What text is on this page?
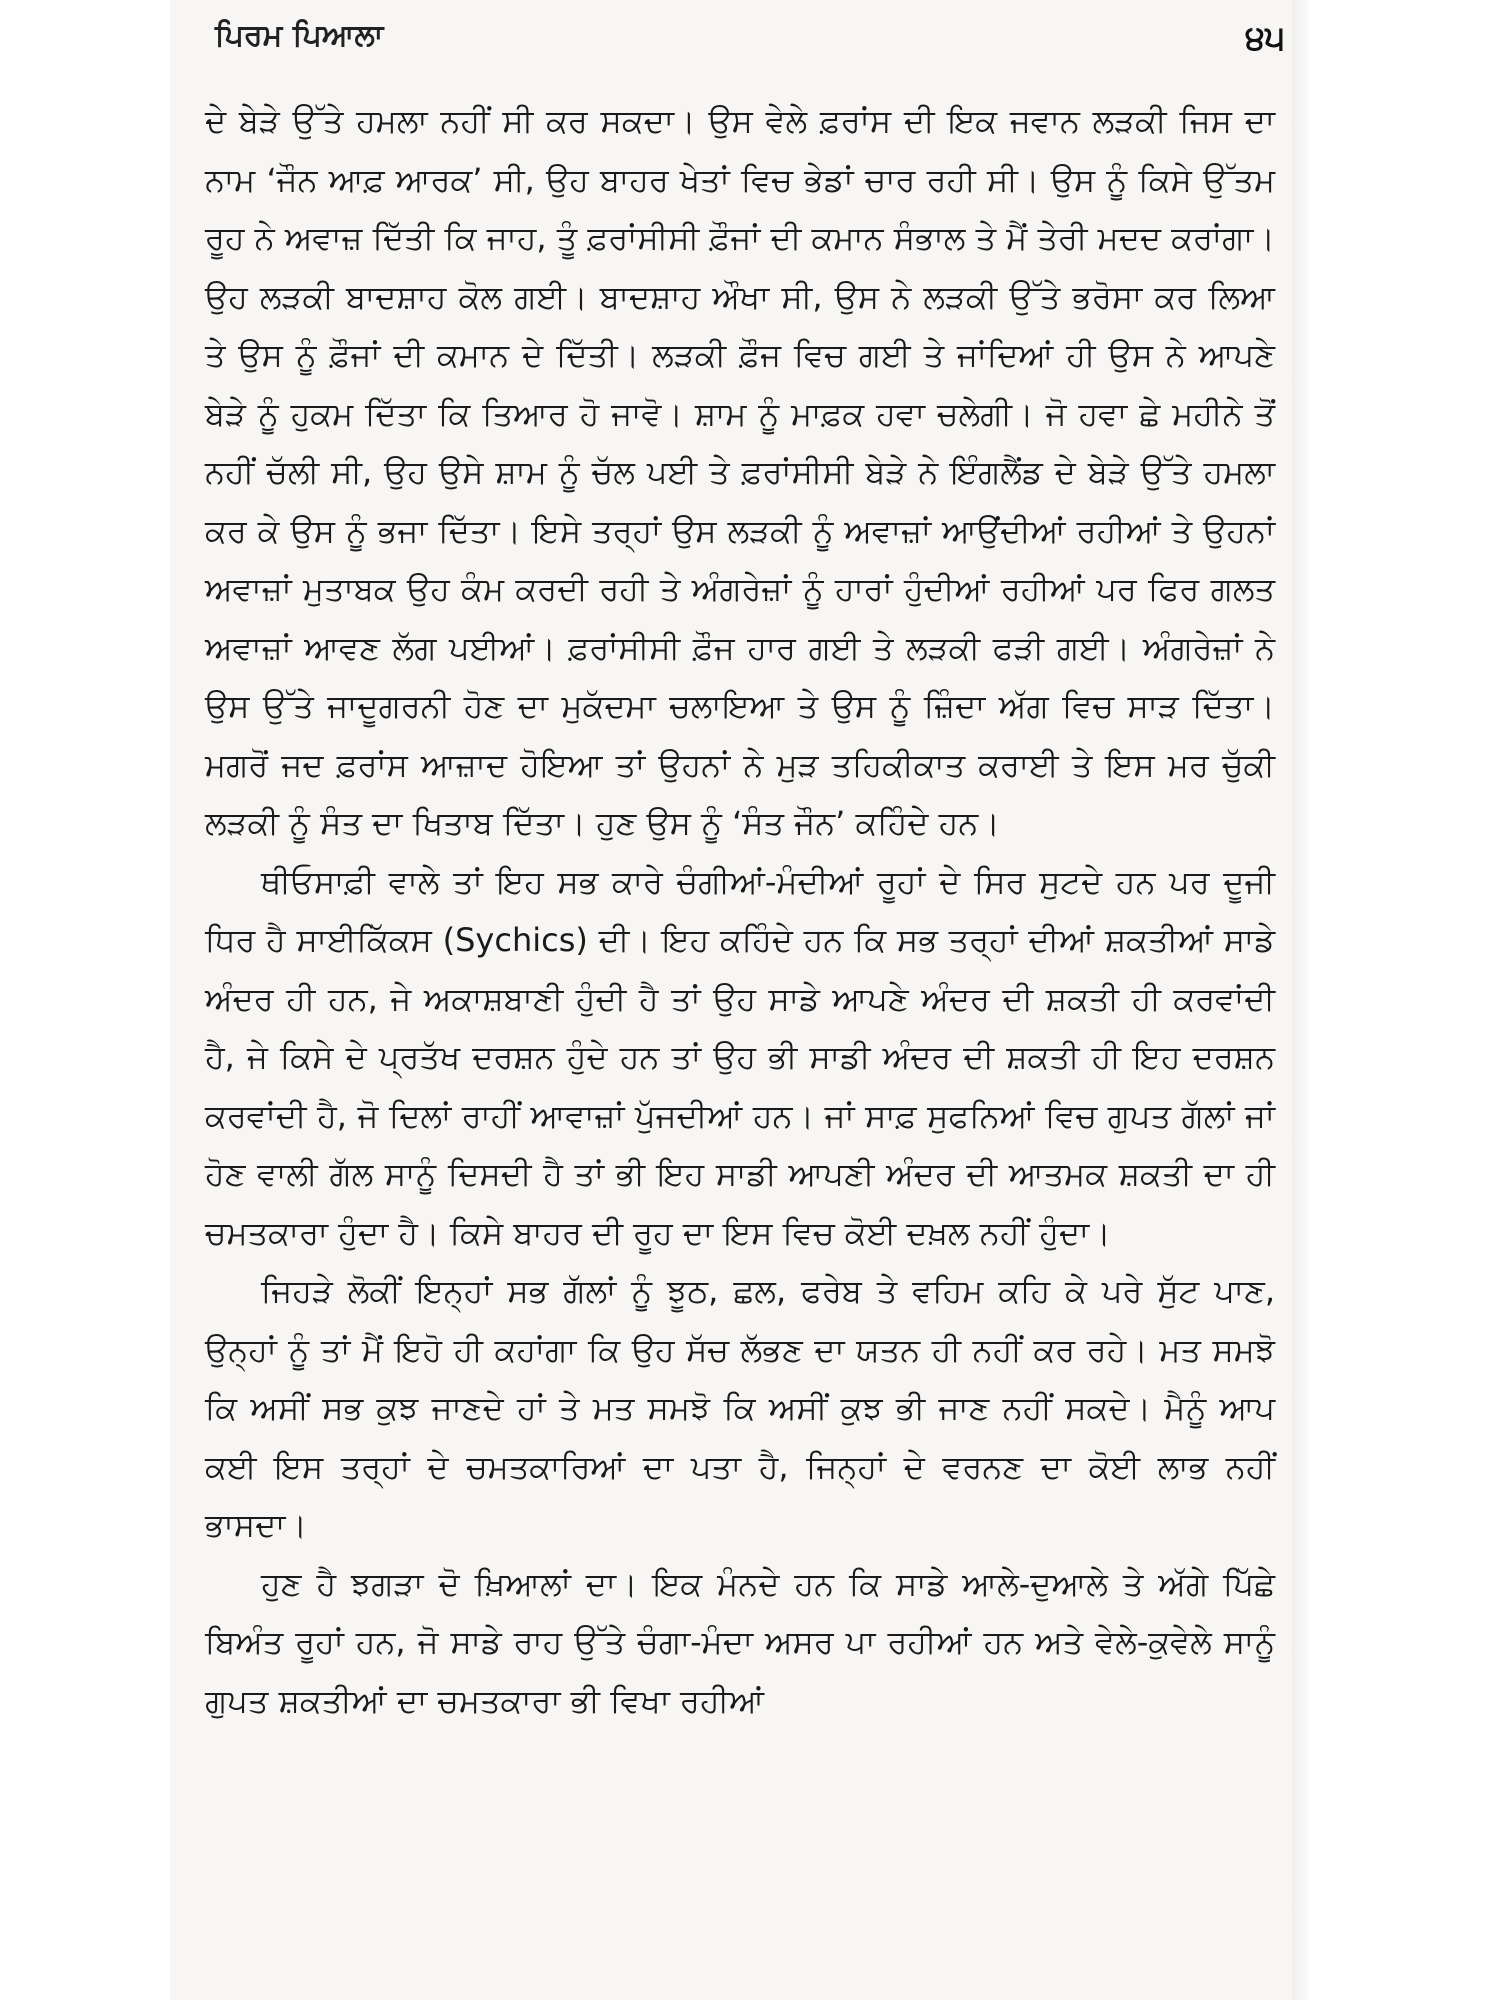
ਪਿਰਮ ਪਿਆਲਾ	੪੫

ਦੇ ਬੇੜੇ ਉੱਤੇ ਹਮਲਾ ਨਹੀਂ ਸੀ ਕਰ ਸਕਦਾ। ਉਸ ਵੇਲੇ ਫ਼ਰਾਂਸ ਦੀ ਇਕ ਜਵਾਨ ਲੜਕੀ ਜਿਸ ਦਾ ਨਾਮ ‘ਜੌਨ ਆਫ਼ ਆਰਕ’ ਸੀ, ਉਹ ਬਾਹਰ ਖੇਤਾਂ ਵਿਚ ਭੇਡਾਂ ਚਾਰ ਰਹੀ ਸੀ। ਉਸ ਨੂੰ ਕਿਸੇ ਉੱਤਮ ਰੂਹ ਨੇ ਅਵਾਜ਼ ਦਿੱਤੀ ਕਿ ਜਾਹ, ਤੂੰ ਫ਼ਰਾਂਸੀਸੀ ਫ਼ੌਜਾਂ ਦੀ ਕਮਾਨ ਸੰਭਾਲ ਤੇ ਮੈਂ ਤੇਰੀ ਮਦਦ ਕਰਾਂਗਾ। ਉਹ ਲੜਕੀ ਬਾਦਸ਼ਾਹ ਕੋਲ ਗਈ। ਬਾਦਸ਼ਾਹ ਔਖਾ ਸੀ, ਉਸ ਨੇ ਲੜਕੀ ਉੱਤੇ ਭਰੋਸਾ ਕਰ ਲਿਆ ਤੇ ਉਸ ਨੂੰ ਫ਼ੌਜਾਂ ਦੀ ਕਮਾਨ ਦੇ ਦਿੱਤੀ। ਲੜਕੀ ਫ਼ੌਜ ਵਿਚ ਗਈ ਤੇ ਜਾਂਦਿਆਂ ਹੀ ਉਸ ਨੇ ਆਪਣੇ ਬੇੜੇ ਨੂੰ ਹੁਕਮ ਦਿੱਤਾ ਕਿ ਤਿਆਰ ਹੋ ਜਾਵੋ। ਸ਼ਾਮ ਨੂੰ ਮਾਫ਼ਕ ਹਵਾ ਚਲੇਗੀ। ਜੋ ਹਵਾ ਛੇ ਮਹੀਨੇ ਤੋਂ ਨਹੀਂ ਚੱਲੀ ਸੀ, ਉਹ ਉਸੇ ਸ਼ਾਮ ਨੂੰ ਚੱਲ ਪਈ ਤੇ ਫ਼ਰਾਂਸੀਸੀ ਬੇੜੇ ਨੇ ਇੰਗਲੈਂਡ ਦੇ ਬੇੜੇ ਉੱਤੇ ਹਮਲਾ ਕਰ ਕੇ ਉਸ ਨੂੰ ਭਜਾ ਦਿੱਤਾ। ਇਸੇ ਤਰ੍ਹਾਂ ਉਸ ਲੜਕੀ ਨੂੰ ਅਵਾਜ਼ਾਂ ਆਉਂਦੀਆਂ ਰਹੀਆਂ ਤੇ ਉਹਨਾਂ ਅਵਾਜ਼ਾਂ ਮੁਤਾਬਕ ਉਹ ਕੰਮ ਕਰਦੀ ਰਹੀ ਤੇ ਅੰਗਰੇਜ਼ਾਂ ਨੂੰ ਹਾਰਾਂ ਹੁੰਦੀਆਂ ਰਹੀਆਂ ਪਰ ਫਿਰ ਗਲਤ ਅਵਾਜ਼ਾਂ ਆਵਣ ਲੱਗ ਪਈਆਂ। ਫ਼ਰਾਂਸੀਸੀ ਫ਼ੌਜ ਹਾਰ ਗਈ ਤੇ ਲੜਕੀ ਫੜੀ ਗਈ। ਅੰਗਰੇਜ਼ਾਂ ਨੇ ਉਸ ਉੱਤੇ ਜਾਦੂਗਰਨੀ ਹੋਣ ਦਾ ਮੁਕੱਦਮਾ ਚਲਾਇਆ ਤੇ ਉਸ ਨੂੰ ਜ਼ਿੰਦਾ ਅੱਗ ਵਿਚ ਸਾੜ ਦਿੱਤਾ। ਮਗਰੋਂ ਜਦ ਫ਼ਰਾਂਸ ਆਜ਼ਾਦ ਹੋਇਆ ਤਾਂ ਉਹਨਾਂ ਨੇ ਮੁੜ ਤਹਿਕੀਕਾਤ ਕਰਾਈ ਤੇ ਇਸ ਮਰ ਚੁੱਕੀ ਲੜਕੀ ਨੂੰ ਸੰਤ ਦਾ ਖਿਤਾਬ ਦਿੱਤਾ। ਹੁਣ ਉਸ ਨੂੰ ‘ਸੰਤ ਜੌਨ’ ਕਹਿੰਦੇ ਹਨ।

ਥੀਓਸਾਫ਼ੀ ਵਾਲੇ ਤਾਂ ਇਹ ਸਭ ਕਾਰੇ ਚੰਗੀਆਂ-ਮੰਦੀਆਂ ਰੂਹਾਂ ਦੇ ਸਿਰ ਸੁਟਦੇ ਹਨ ਪਰ ਦੂਜੀ ਧਿਰ ਹੈ ਸਾਈਕਿੱਕਸ (Sychics) ਦੀ। ਇਹ ਕਹਿੰਦੇ ਹਨ ਕਿ ਸਭ ਤਰ੍ਹਾਂ ਦੀਆਂ ਸ਼ਕਤੀਆਂ ਸਾਡੇ ਅੰਦਰ ਹੀ ਹਨ, ਜੇ ਅਕਾਸ਼ਬਾਣੀ ਹੁੰਦੀ ਹੈ ਤਾਂ ਉਹ ਸਾਡੇ ਆਪਣੇ ਅੰਦਰ ਦੀ ਸ਼ਕਤੀ ਹੀ ਕਰਵਾਂਦੀ ਹੈ, ਜੇ ਕਿਸੇ ਦੇ ਪ੍ਰਤੱਖ ਦਰਸ਼ਨ ਹੁੰਦੇ ਹਨ ਤਾਂ ਉਹ ਭੀ ਸਾਡੀ ਅੰਦਰ ਦੀ ਸ਼ਕਤੀ ਹੀ ਇਹ ਦਰਸ਼ਨ ਕਰਵਾਂਦੀ ਹੈ, ਜੋ ਦਿਲਾਂ ਰਾਹੀਂ ਆਵਾਜ਼ਾਂ ਪੁੱਜਦੀਆਂ ਹਨ। ਜਾਂ ਸਾਫ਼ ਸੁਫਨਿਆਂ ਵਿਚ ਗੁਪਤ ਗੱਲਾਂ ਜਾਂ ਹੋਣ ਵਾਲੀ ਗੱਲ ਸਾਨੂੰ ਦਿਸਦੀ ਹੈ ਤਾਂ ਭੀ ਇਹ ਸਾਡੀ ਆਪਣੀ ਅੰਦਰ ਦੀ ਆਤਮਕ ਸ਼ਕਤੀ ਦਾ ਹੀ ਚਮਤਕਾਰਾ ਹੁੰਦਾ ਹੈ। ਕਿਸੇ ਬਾਹਰ ਦੀ ਰੂਹ ਦਾ ਇਸ ਵਿਚ ਕੋਈ ਦਖ਼ਲ ਨਹੀਂ ਹੁੰਦਾ।

ਜਿਹੜੇ ਲੋਕੀਂ ਇਨ੍ਹਾਂ ਸਭ ਗੱਲਾਂ ਨੂੰ ਝੂਠ, ਛਲ, ਫਰੇਬ ਤੇ ਵਹਿਮ ਕਹਿ ਕੇ ਪਰੇ ਸੁੱਟ ਪਾਣ, ਉਨ੍ਹਾਂ ਨੂੰ ਤਾਂ ਮੈਂ ਇਹੋ ਹੀ ਕਹਾਂਗਾ ਕਿ ਉਹ ਸੱਚ ਲੱਭਣ ਦਾ ਯਤਨ ਹੀ ਨਹੀਂ ਕਰ ਰਹੇ। ਮਤ ਸਮਝੋ ਕਿ ਅਸੀਂ ਸਭ ਕੁਝ ਜਾਣਦੇ ਹਾਂ ਤੇ ਮਤ ਸਮਝੋ ਕਿ ਅਸੀਂ ਕੁਝ ਭੀ ਜਾਣ ਨਹੀਂ ਸਕਦੇ। ਮੈਨੂੰ ਆਪ ਕਈ ਇਸ ਤਰ੍ਹਾਂ ਦੇ ਚਮਤਕਾਰਿਆਂ ਦਾ ਪਤਾ ਹੈ, ਜਿਨ੍ਹਾਂ ਦੇ ਵਰਨਣ ਦਾ ਕੋਈ ਲਾਭ ਨਹੀਂ ਭਾਸਦਾ।

ਹੁਣ ਹੈ ਝਗੜਾ ਦੋ ਖ਼ਿਆਲਾਂ ਦਾ। ਇਕ ਮੰਨਦੇ ਹਨ ਕਿ ਸਾਡੇ ਆਲੇ-ਦੁਆਲੇ ਤੇ ਅੱਗੇ ਪਿੱਛੇ ਬਿਅੰਤ ਰੂਹਾਂ ਹਨ, ਜੋ ਸਾਡੇ ਰਾਹ ਉੱਤੇ ਚੰਗਾ-ਮੰਦਾ ਅਸਰ ਪਾ ਰਹੀਆਂ ਹਨ ਅਤੇ ਵੇਲੇ-ਕੁਵੇਲੇ ਸਾਨੂੰ ਗੁਪਤ ਸ਼ਕਤੀਆਂ ਦਾ ਚਮਤਕਾਰਾ ਭੀ ਵਿਖਾ ਰਹੀਆਂ
